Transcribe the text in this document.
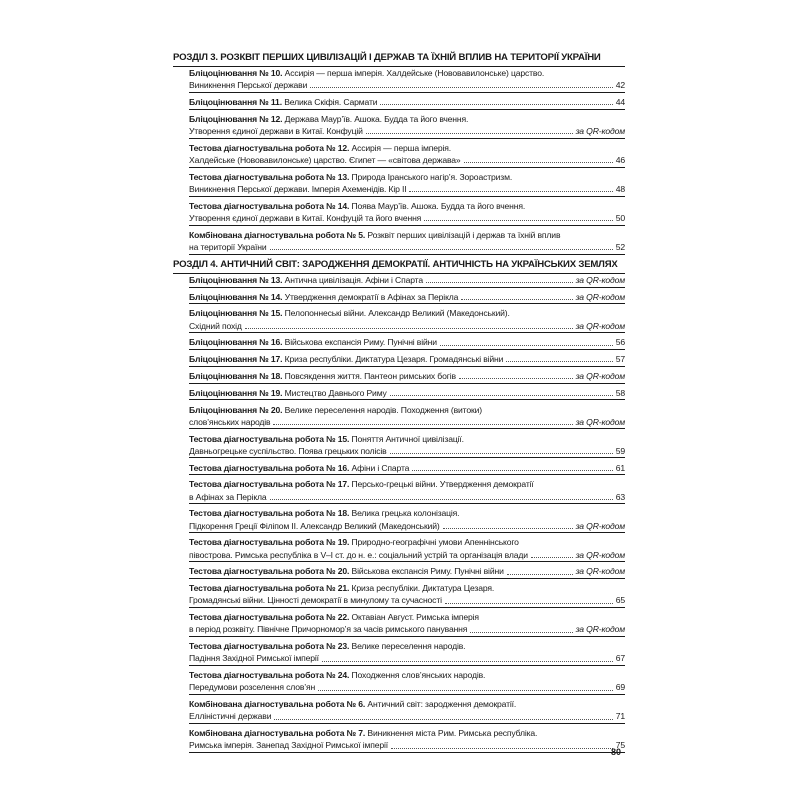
РОЗДІЛ 3. РОЗКВІТ ПЕРШИХ ЦИВІЛІЗАЦІЙ І ДЕРЖАВ ТА ЇХНІЙ ВПЛИВ НА ТЕРИТОРІЇ УКРАЇНИ
Бліцоцінювання № 10. Ассирія — перша імперія. Халдейське (Нововавилонське) царство.
Виникнення Перської держави	42
Бліцоцінювання № 11. Велика Скіфія. Сармати	44
Бліцоцінювання № 12. Держава Маур’їв. Ашока. Будда та його вчення.
Утворення єдиної держави в Китаї. Конфуцій	за QR-кодом
Тестова діагностувальна робота № 12. Ассирія — перша імперія.
Халдейське (Нововавилонське) царство. Єгипет — «світова держава»	46
Тестова діагностувальна робота № 13. Природа Іранського нагір’я. Зороастризм.
Виникнення Перської держави. Імперія Ахеменідів. Кір II	48
Тестова діагностувальна робота № 14. Поява Маур’їв. Ашока. Будда та його вчення.
Утворення єдиної держави в Китаї. Конфуцій та його вчення	50
Комбінована діагностувальна робота № 5. Розквіт перших цивілізацій і держав та їхній вплив
на території України	52
РОЗДІЛ 4. АНТИЧНИЙ СВІТ: ЗАРОДЖЕННЯ ДЕМОКРАТІЇ. АНТИЧНІСТЬ НА УКРАЇНСЬКИХ ЗЕМЛЯХ
Бліцоцінювання № 13. Антична цивілізація. Афіни і Спарта	за QR-кодом
Бліцоцінювання № 14. Утвердження демократії в Афінах за Перікла	за QR-кодом
Бліцоцінювання № 15. Пелопоннеські війни. Александр Великий (Македонський).
Східний похід	за QR-кодом
Бліцоцінювання № 16. Військова експансія Риму. Пунічні війни	56
Бліцоцінювання № 17. Криза республіки. Диктатура Цезаря. Громадянські війни	57
Бліцоцінювання № 18. Повсякдення життя. Пантеон римських богів	за QR-кодом
Бліцоцінювання № 19. Мистецтво Давнього Риму	58
Бліцоцінювання № 20. Велике переселення народів. Походження (витоки)
слов’янських народів	за QR-кодом
Тестова діагностувальна робота № 15. Поняття Античної цивілізації.
Давньогрецьке суспільство. Поява грецьких полісів	59
Тестова діагностувальна робота № 16. Афіни і Спарта	61
Тестова діагностувальна робота № 17. Персько-грецькі війни. Утвердження демократії
в Афінах за Перікла	63
Тестова діагностувальна робота № 18. Велика грецька колонізація.
Підкорення Греції Філіпом II. Александр Великий (Македонський)	за QR-кодом
Тестова діагностувальна робота № 19. Природно-географічні умови Апеннінського
півострова. Римська республіка в V–I ст. до н. е.: соціальний устрій та організація влади	за QR-кодом
Тестова діагностувальна робота № 20. Військова експансія Риму. Пунічні війни	за QR-кодом
Тестова діагностувальна робота № 21. Криза республіки. Диктатура Цезаря.
Громадянські війни. Цінності демократії в минулому та сучасності	65
Тестова діагностувальна робота № 22. Октавіан Август. Римська імперія
в період розквіту. Північне Причорномор’я за часів римського панування	за QR-кодом
Тестова діагностувальна робота № 23. Велике переселення народів.
Падіння Західної Римської імперії	67
Тестова діагностувальна робота № 24. Походження слов’янських народів.
Передумови розселення слов’ян	69
Комбінована діагностувальна робота № 6. Античний світ: зародження демократії.
Елліністичні держави	71
Комбінована діагностувальна робота № 7. Виникнення міста Рим. Римська республіка.
Римська імперія. Занепад Західної Римської імперії	75
80
